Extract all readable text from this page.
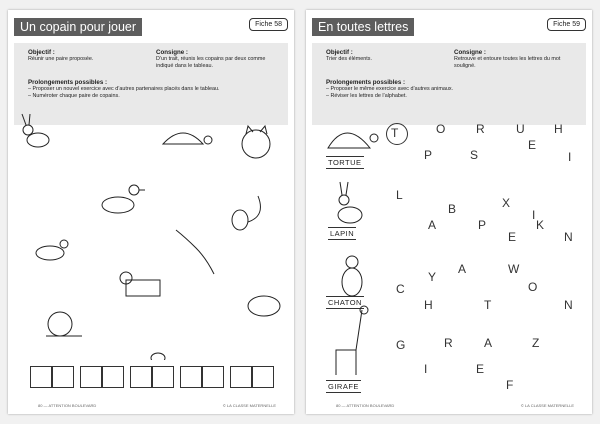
Un copain pour jouer	Fiche 58
Objectif :
Réunir une paire proposée.
Consigne :
D’un trait, réunis les copains par deux comme indiqué dans le tableau.
Prolongements possibles :
– Proposer un nouvel exercice avec d’autres partenaires placés dans le tableau.
– Numéroter chaque paire de copains.
80 — ATTENTION BOULEVARD	© LA CLASSE MATERNELLE
En toutes lettres	Fiche 59
Objectif :
Trier des éléments.
Consigne :
Retrouve et entoure toutes les lettres du mot souligné.
Prolongements possibles :
– Proposer le même exercice avec d’autres animaux.
– Réviser les lettres de l’alphabet.
TORTUE
LAPIN
CHATON
GIRAFE
T	O	R	U H
P	S
E
I
L
B	X
A	P
I
K
E	N
Y
A	W
C	O
H	T	N
G	R	A	Z
I	E
F
80 — ATTENTION BOULEVARD	© LA CLASSE MATERNELLE
